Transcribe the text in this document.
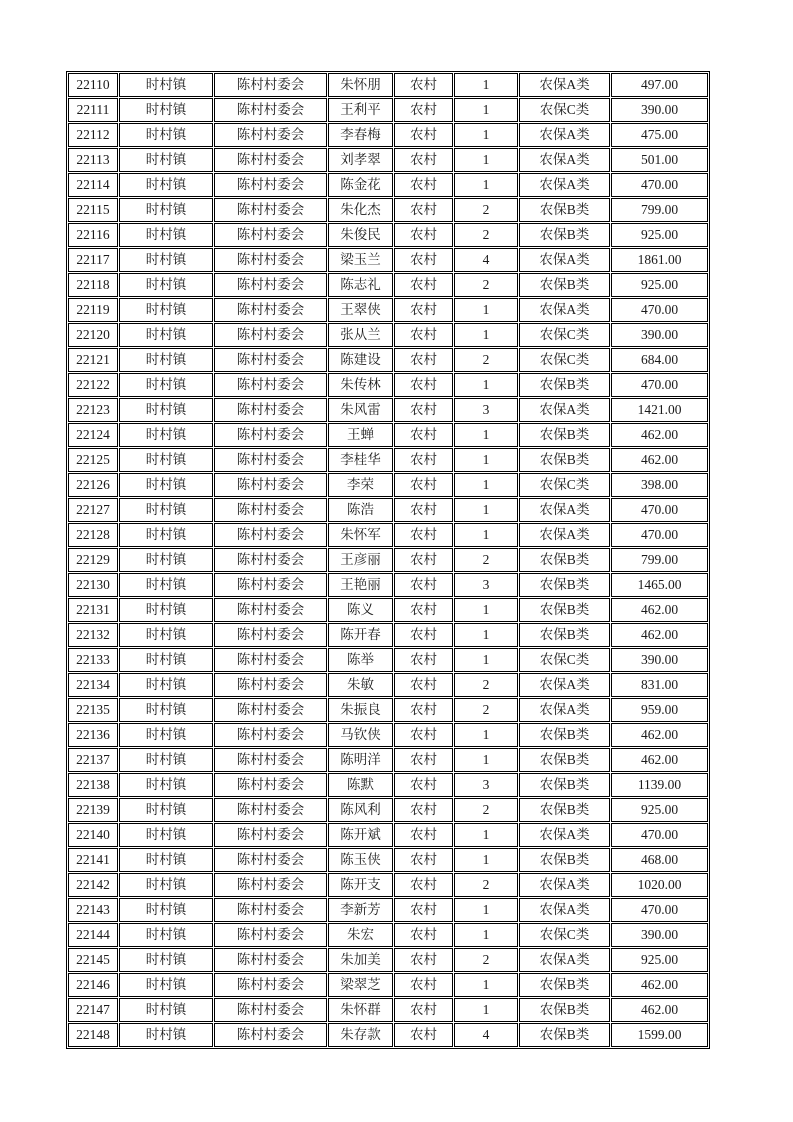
22110	时村镇	陈村村委会	朱怀朋	农村	1	农保A类	497.00
22111	时村镇	陈村村委会	王利平	农村	1	农保C类	390.00
22112	时村镇	陈村村委会	李春梅	农村	1	农保A类	475.00
22113	时村镇	陈村村委会	刘孝翠	农村	1	农保A类	501.00
22114	时村镇	陈村村委会	陈金花	农村	1	农保A类	470.00
22115	时村镇	陈村村委会	朱化杰	农村	2	农保B类	799.00
22116	时村镇	陈村村委会	朱俊民	农村	2	农保B类	925.00
22117	时村镇	陈村村委会	梁玉兰	农村	4	农保A类	1861.00
22118	时村镇	陈村村委会	陈志礼	农村	2	农保B类	925.00
22119	时村镇	陈村村委会	王翠侠	农村	1	农保A类	470.00
22120	时村镇	陈村村委会	张从兰	农村	1	农保C类	390.00
22121	时村镇	陈村村委会	陈建设	农村	2	农保C类	684.00
22122	时村镇	陈村村委会	朱传林	农村	1	农保B类	470.00
22123	时村镇	陈村村委会	朱风雷	农村	3	农保A类	1421.00
22124	时村镇	陈村村委会	王蝉	农村	1	农保B类	462.00
22125	时村镇	陈村村委会	李桂华	农村	1	农保B类	462.00
22126	时村镇	陈村村委会	李荣	农村	1	农保C类	398.00
22127	时村镇	陈村村委会	陈浩	农村	1	农保A类	470.00
22128	时村镇	陈村村委会	朱怀军	农村	1	农保A类	470.00
22129	时村镇	陈村村委会	王彦丽	农村	2	农保B类	799.00
22130	时村镇	陈村村委会	王艳丽	农村	3	农保B类	1465.00
22131	时村镇	陈村村委会	陈义	农村	1	农保B类	462.00
22132	时村镇	陈村村委会	陈开春	农村	1	农保B类	462.00
22133	时村镇	陈村村委会	陈举	农村	1	农保C类	390.00
22134	时村镇	陈村村委会	朱敏	农村	2	农保A类	831.00
22135	时村镇	陈村村委会	朱振良	农村	2	农保A类	959.00
22136	时村镇	陈村村委会	马钦侠	农村	1	农保B类	462.00
22137	时村镇	陈村村委会	陈明洋	农村	1	农保B类	462.00
22138	时村镇	陈村村委会	陈默	农村	3	农保B类	1139.00
22139	时村镇	陈村村委会	陈风利	农村	2	农保B类	925.00
22140	时村镇	陈村村委会	陈开斌	农村	1	农保A类	470.00
22141	时村镇	陈村村委会	陈玉侠	农村	1	农保B类	468.00
22142	时村镇	陈村村委会	陈开支	农村	2	农保A类	1020.00
22143	时村镇	陈村村委会	李新芳	农村	1	农保A类	470.00
22144	时村镇	陈村村委会	朱宏	农村	1	农保C类	390.00
22145	时村镇	陈村村委会	朱加美	农村	2	农保A类	925.00
22146	时村镇	陈村村委会	梁翠芝	农村	1	农保B类	462.00
22147	时村镇	陈村村委会	朱怀群	农村	1	农保B类	462.00
22148	时村镇	陈村村委会	朱存款	农村	4	农保B类	1599.00
